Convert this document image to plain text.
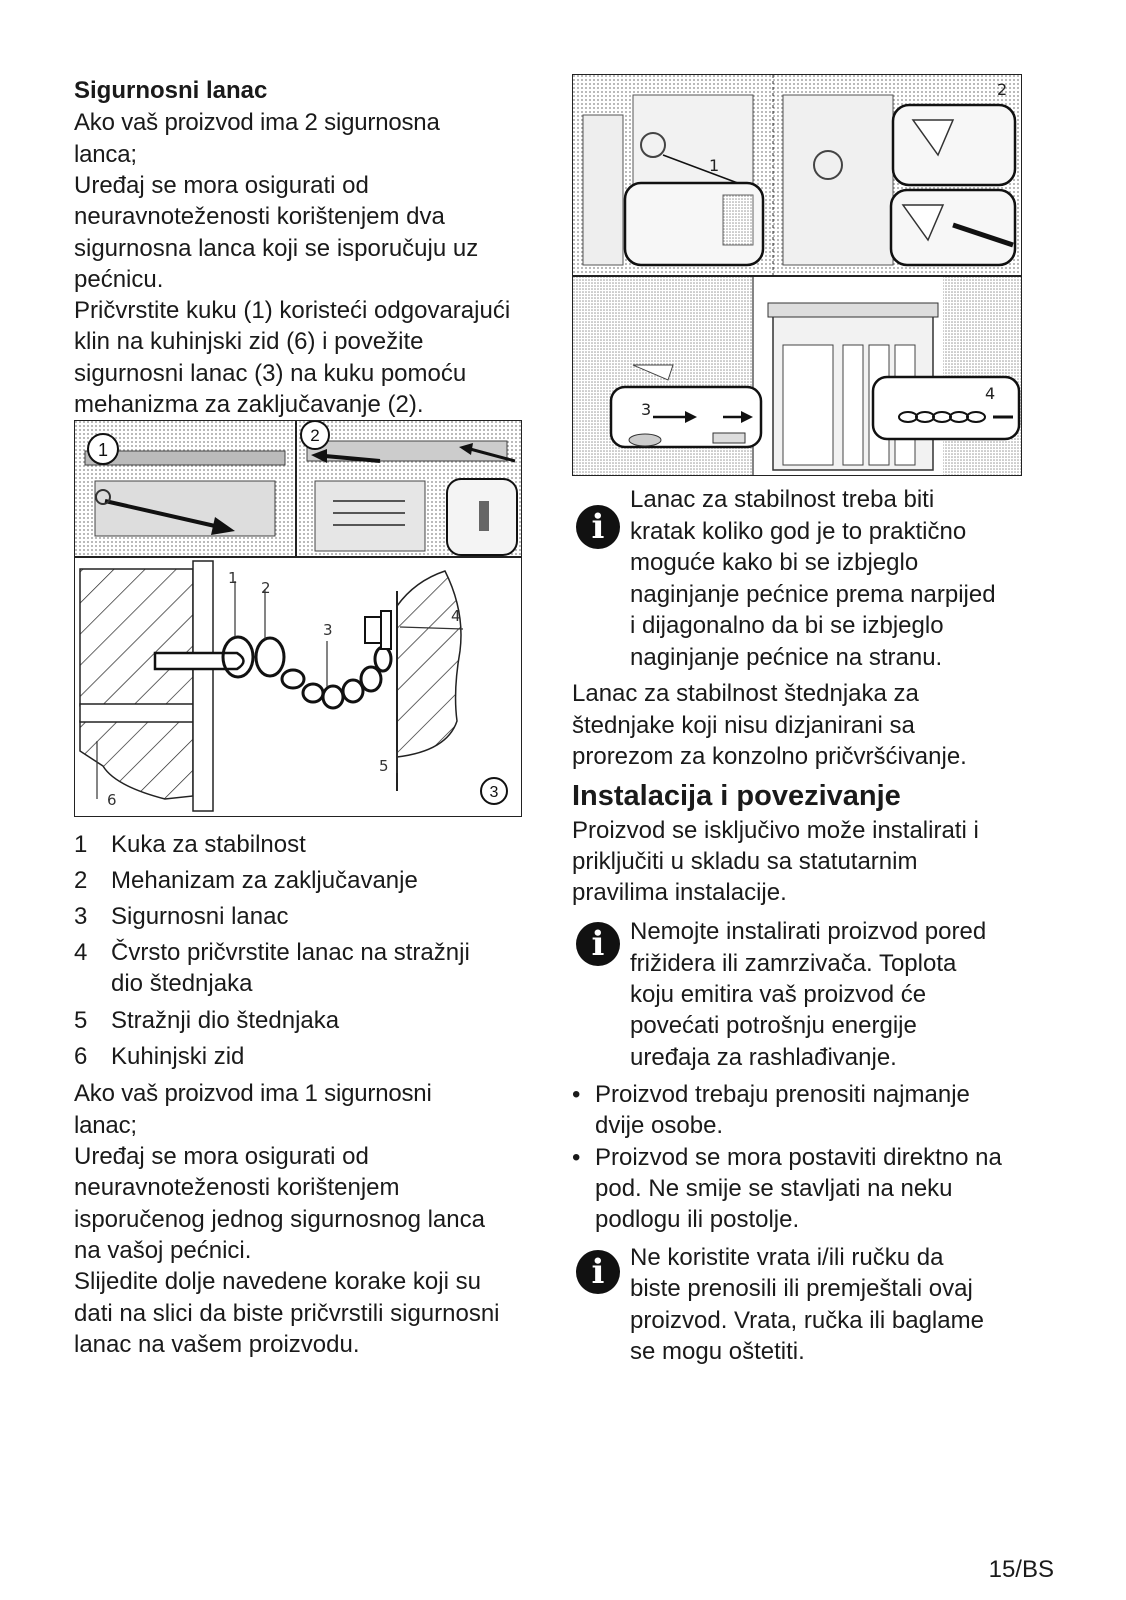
Sigurnosni lanac
Ako vaš proizvod ima 2 sigurnosna
lanca;
Uređaj se mora osigurati od
neuravnoteženosti korištenjem dva
sigurnosna lanca koji se isporučuju uz
pećnicu.
Pričvrstite kuku (1) koristeći odgovarajući
klin na kuhinjski zid (6) i povežite
sigurnosni lanac (3) na kuku pomoću
mehanizma za zaključavanje (2).
1
2
1
2
3
4
5
6	3
1 Kuka za stabilnost
2 Mehanizam za zaključavanje
3 Sigurnosni lanac
4 Čvrsto pričvrstite lanac na stražnji
dio štednjaka
5 Stražnji dio štednjaka
6 Kuhinjski zid
Ako vaš proizvod ima 1 sigurnosni
lanac;
Uređaj se mora osigurati od
neuravnoteženosti korištenjem
isporučenog jednog sigurnosnog lanca
na vašoj pećnici.
Slijedite dolje navedene korake koji su
dati na slici da biste pričvrstili sigurnosni
lanac na vašem proizvodu.
1
2
3
4
i
Lanac za stabilnost treba biti
kratak koliko god je to praktično
moguće kako bi se izbjeglo
naginjanje pećnice prema narpijed
i dijagonalno da bi se izbjeglo
naginjanje pećnice na stranu.
Lanac za stabilnost štednjaka za
štednjake koji nisu dizjanirani sa
prorezom za konzolno pričvršćivanje.
Instalacija i povezivanje
Proizvod se isključivo može instalirati i
priključiti u skladu sa statutarnim
pravilima instalacije.
i	Nemojte instalirati proizvod pored
frižidera ili zamrzivača. Toplota
koju emitira vaš proizvod će
povećati potrošnju energije
uređaja za rashlađivanje.
• Proizvod trebaju prenositi najmanje
dvije osobe.
• Proizvod se mora postaviti direktno na
pod. Ne smije se stavljati na neku
podlogu ili postolje.
i	Ne koristite vrata i/ili ručku da
biste prenosili ili premještali ovaj
proizvod. Vrata, ručka ili baglame
se mogu oštetiti.
15/BS
